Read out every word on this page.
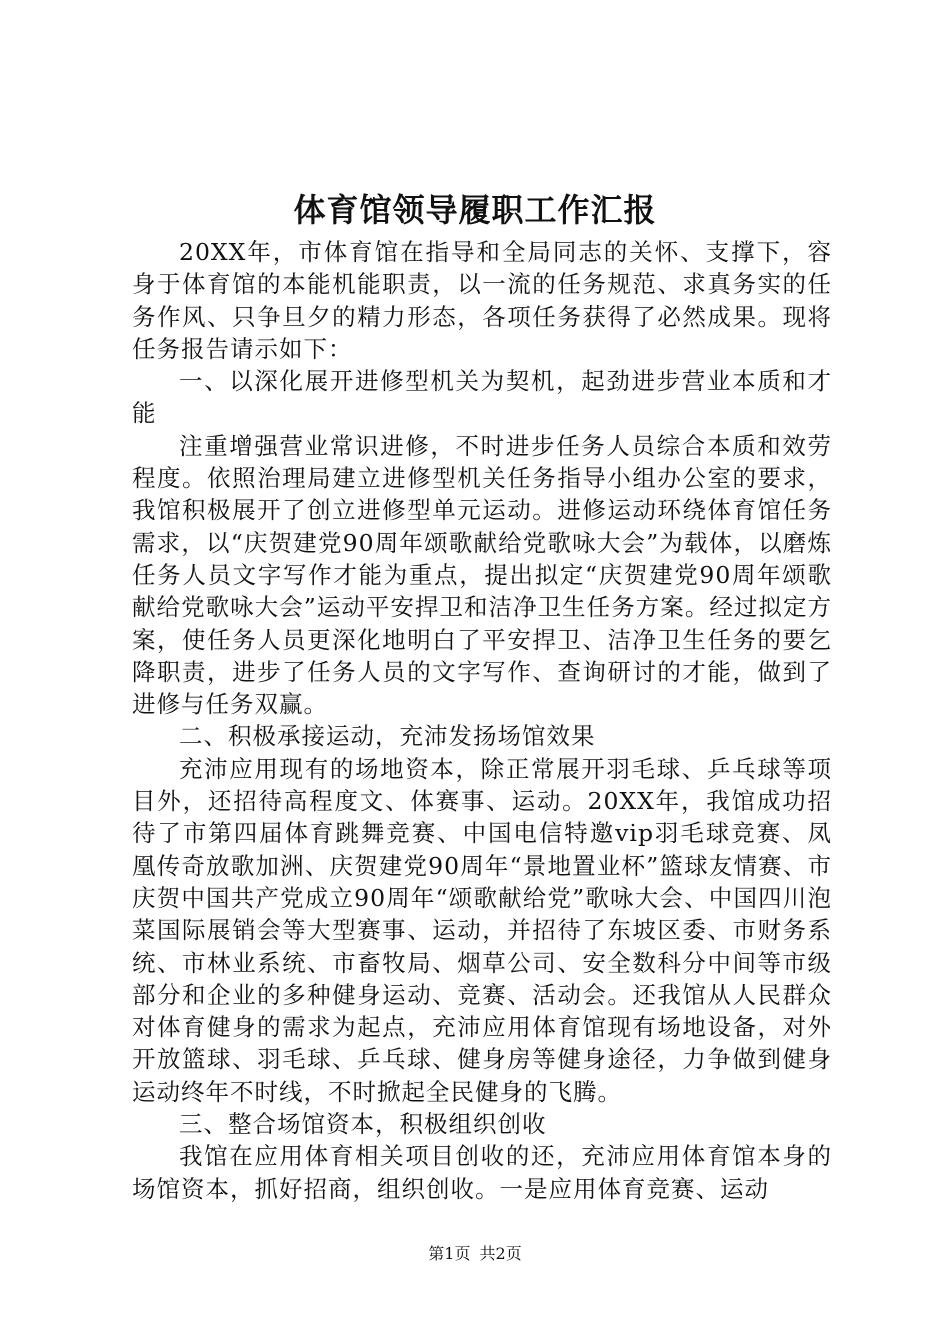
体育馆领导履职工作汇报

20XX年，市体育馆在指导和全局同志的关怀、支撑下，容身于体育馆的本能机能职责，以一流的任务规范、求真务实的任务作风、只争旦夕的精力形态，各项任务获得了必然成果。现将任务报告请示如下：

一、以深化展开进修型机关为契机，起劲进步营业本质和才能

注重增强营业常识进修，不时进步任务人员综合本质和效劳程度。依照治理局建立进修型机关任务指导小组办公室的要求，我馆积极展开了创立进修型单元运动。进修运动环绕体育馆任务需求，以“庆贺建党90周年颂歌献给党歌咏大会”为载体，以磨炼任务人员文字写作才能为重点，提出拟定“庆贺建党90周年颂歌献给党歌咏大会”运动平安捍卫和洁净卫生任务方案。经过拟定方案，使任务人员更深化地明白了平安捍卫、洁净卫生任务的要乞降职责，进步了任务人员的文字写作、查询研讨的才能，做到了进修与任务双赢。

二、积极承接运动，充沛发扬场馆效果

充沛应用现有的场地资本，除正常展开羽毛球、乒乓球等项目外，还招待高程度文、体赛事、运动。20XX年，我馆成功招待了市第四届体育跳舞竞赛、中国电信特邀vip羽毛球竞赛、凤凰传奇放歌加洲、庆贺建党90周年“景地置业杯”篮球友情赛、市庆贺中国共产党成立90周年“颂歌献给党”歌咏大会、中国四川泡菜国际展销会等大型赛事、运动，并招待了东坡区委、市财务系统、市林业系统、市畜牧局、烟草公司、安全数科分中间等市级部分和企业的多种健身运动、竞赛、活动会。还我馆从人民群众对体育健身的需求为起点，充沛应用体育馆现有场地设备，对外开放篮球、羽毛球、乒乓球、健身房等健身途径，力争做到健身运动终年不时线，不时掀起全民健身的飞腾。

三、整合场馆资本，积极组织创收

我馆在应用体育相关项目创收的还，充沛应用体育馆本身的场馆资本，抓好招商，组织创收。一是应用体育竞赛、运动

第1页 共2页
